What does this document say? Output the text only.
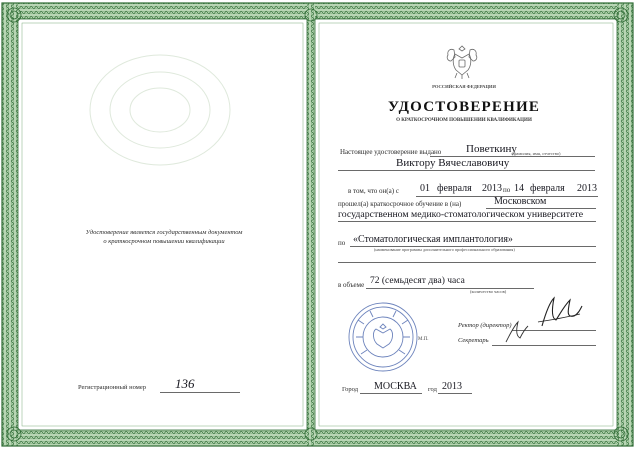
РОССИЙСКАЯ ФЕДЕРАЦИЯ
УДОСТОВЕРЕНИЕ
О КРАТКОСРОЧНОМ ПОВЫШЕНИИ КВАЛИФИКАЦИИ
Удостоверение является государственным документом
о краткосрочном повышении квалификации
Регистрационный номер 136
Настоящее удостоверение выдано Поветкину
(фамилия, имя, отчество)
Виктору Вячеславовичу
в том, что он(а) с 01 февраля 2013 по 14 февраля 2013
прошел(а) краткосрочное обучение в (на)	Московском
государственном медико-стоматологическом университете
по «Стоматологическая имплантология»
(наименование программы дополнительного профессионального образования)
в объеме 72 (семьдесят два) часа
(количество часов)
М.П.
Ректор (директор)
Секретарь
Город МОСКВА год 2013
